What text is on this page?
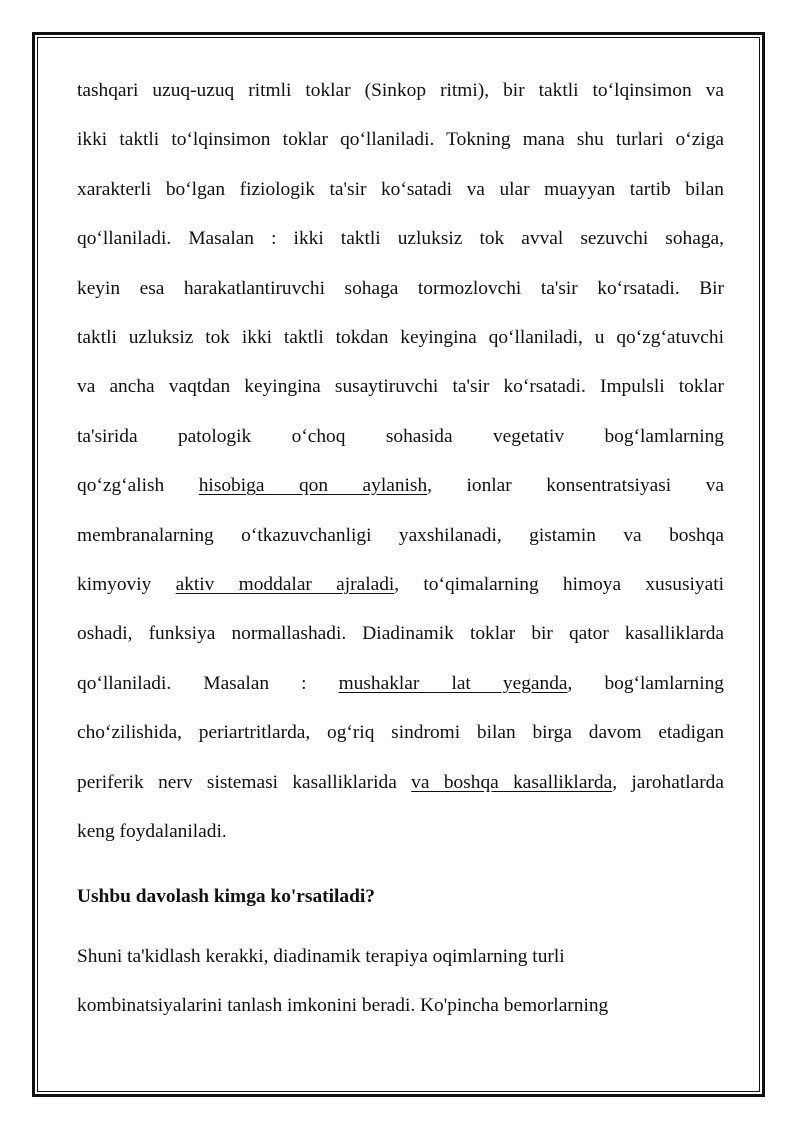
tashqari uzuq-uzuq ritmli toklar (Sinkop ritmi), bir taktli to‘lqinsimon va
ikki taktli to‘lqinsimon toklar qo‘llaniladi. Tokning mana shu turlari o‘ziga
xarakterli bo‘lgan fiziologik ta'sir ko‘satadi va ular muayyan tartib bilan
qo‘llaniladi. Masalan : ikki taktli uzluksiz tok avval sezuvchi sohaga,
keyin esa harakatlantiruvchi sohaga tormozlovchi ta'sir ko‘rsatadi. Bir
taktli uzluksiz tok ikki taktli tokdan keyingina qo‘llaniladi, u qo‘zg‘atuvchi
va ancha vaqtdan keyingina susaytiruvchi ta'sir ko‘rsatadi. Impulsli toklar
ta'sirida patologik o‘choq sohasida vegetativ bog‘lamlarning
qo‘zg‘alish hisobiga qon aylanish, ionlar konsentratsiyasi va
membranalarning o‘tkazuvchanligi yaxshilanadi, gistamin va boshqa
kimyoviy aktiv moddalar ajraladi, to‘qimalarning himoya xususiyati
oshadi, funksiya normallashadi. Diadinamik toklar bir qator kasalliklarda
qo‘llaniladi. Masalan : mushaklar lat yeganda, bog‘lamlarning
cho‘zilishida, periartritlarda, og‘riq sindromi bilan birga davom etadigan
periferik nerv sistemasi kasalliklarida va boshqa kasalliklarda, jarohatlarda
keng foydalaniladi.

Ushbu davolash kimga ko'rsatiladi?

Shuni ta'kidlash kerakki, diadinamik terapiya oqimlarning turli
kombinatsiyalarini tanlash imkonini beradi. Ko'pincha bemorlarning
